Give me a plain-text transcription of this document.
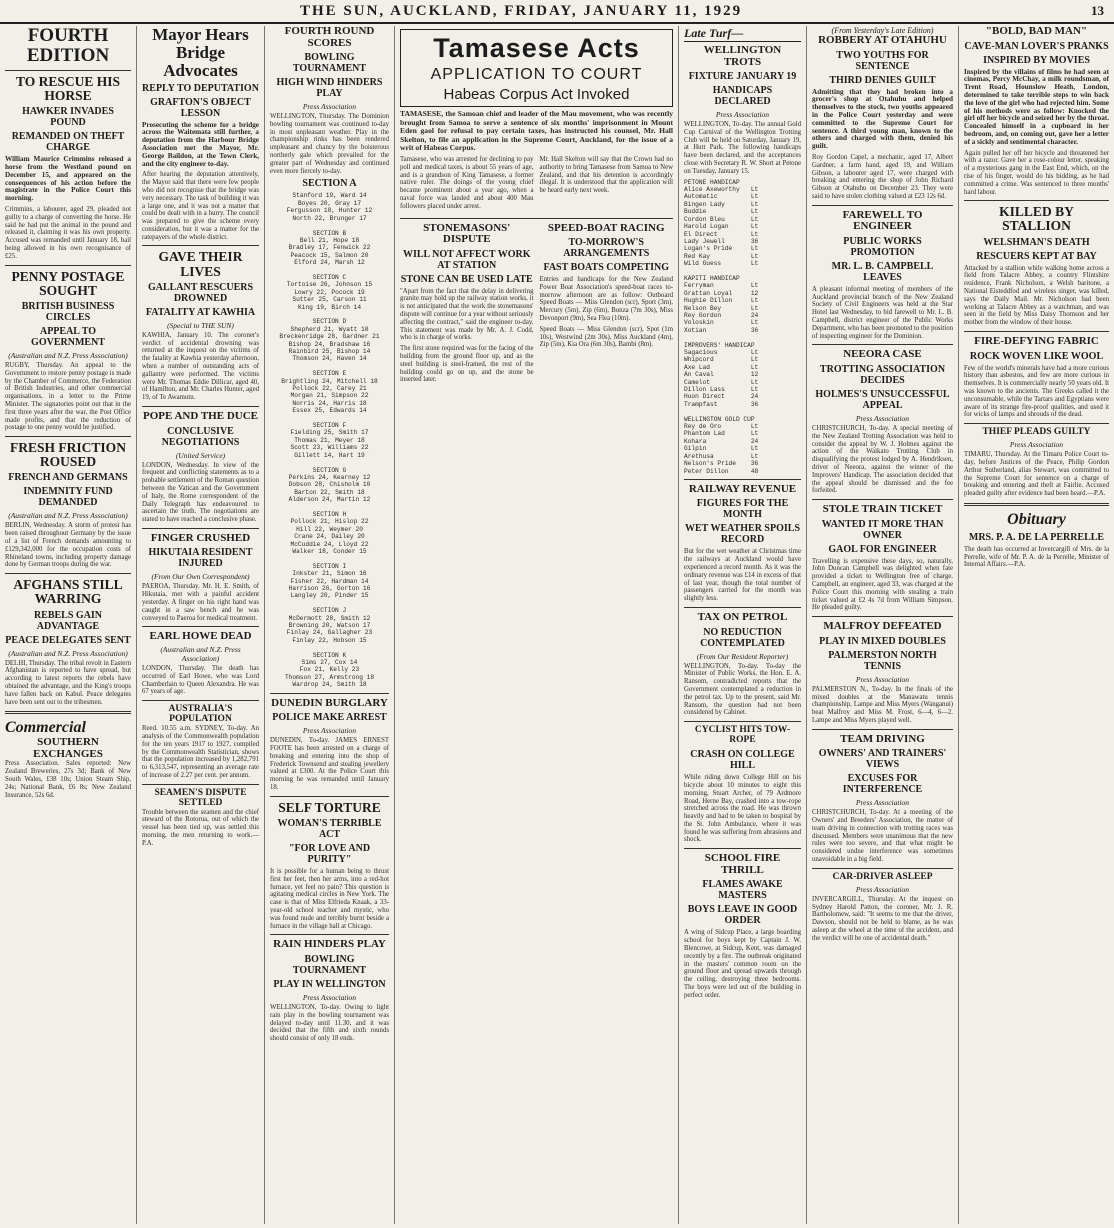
THE SUN, AUCKLAND, FRIDAY, JANUARY 11, 1929	13
FOURTH EDITION
TO RESCUE HIS HORSE
HAWKER INVADES POUND
REMANDED ON THEFT CHARGE

William Maurice Crimmins released a horse from the Westland pound on December 15, and appeared on the consequences of his action before the magistrate in the Police Court this morning.

Crimmins, a labourer, aged 29, pleaded not guilty to a charge of converting the horse. He said he had put the animal in the pound and released it, claiming it was his own property. Accused was remanded until January 18, bail being allowed in his own recognisance of £25.

PENNY POSTAGE SOUGHT
BRITISH BUSINESS CIRCLES
APPEAL TO GOVERNMENT
(Australian and N.Z. Press Association)

RUGBY, Thursday. An appeal to the Government to restore penny postage is made by the Chamber of Commerce, the Federation of British Industries, and other commercial organisations, in a letter to the Prime Minister. The signatories point out that in the first three years after the war, the Post Office made profits, and that the reduction of postage to one penny would be justified.

FRESH FRICTION ROUSED
FRENCH AND GERMANS
INDEMNITY FUND DEMANDED
(Australian and N.Z. Press Association)

BERLIN, Wednesday. A storm of protest has been raised throughout Germany by the issue of a list of French demands amounting to £129,342,000 for the occupation costs of Rhineland towns, including property damage done by German troops during the war.

AFGHANS STILL WARRING
REBELS GAIN ADVANTAGE
PEACE DELEGATES SENT
(Australian and N.Z. Press Association)

DELHI, Thursday. The tribal revolt in Eastern Afghanistan is reported to have spread, but according to latest reports the rebels have obtained the advantage, and the King's troops have fallen back on Kabul. Peace delegates have been sent out to the tribesmen.

Commercial
SOUTHERN EXCHANGES

Press Association. Sales reported: New Zealand Breweries, 27s 3d; Bank of New South Wales, £38 10s; Union Steam Ship, 24s; National Bank, £6 8s; New Zealand Insurance, 52s 6d.

Mayor Hears Bridge Advocates
REPLY TO DEPUTATION
GRAFTON'S OBJECT LESSON

Prosecuting the scheme for a bridge across the Waitemata still further, a deputation from the Harbour Bridge Association met the Mayor, Mr. George Baildon, at the Town Clerk, and the city engineer to-day.

After hearing the deputation attentively, the Mayor said that there were few people who did not recognise that the bridge was very necessary. The task of building it was a large one, and it was not a matter that could be dealt with in a hurry. The council was prepared to give the scheme every consideration, but it was a matter for the ratepayers of the whole district.

GAVE THEIR LIVES
GALLANT RESCUERS DROWNED
FATALITY AT KAWHIA
(Special to THE SUN)

KAWHIA, January 10. The coroner's verdict of accidental drowning was returned at the inquest on the victims of the fatality at Kawhia yesterday afternoon, when a number of outstanding acts of gallantry were performed. The victims were Mr. Thomas Eddie Dillicar, aged 40, of Hamilton, and Mr. Charles Hunter, aged 19, of Te Awamutu.

POPE AND THE DUCE
CONCLUSIVE NEGOTIATIONS
(United Service)

LONDON, Wednesday. In view of the frequent and conflicting statements as to a probable settlement of the Roman question between the Vatican and the Government of Italy, the Rome correspondent of the Daily Telegraph has endeavoured to ascertain the truth. The negotiations are stated to have reached a conclusive phase.

FINGER CRUSHED
HIKUTAIA RESIDENT INJURED
(From Our Own Correspondent)

PAEROA, Thursday. Mr. H. E. Smith, of Hikutaia, met with a painful accident yesterday. A finger on his right hand was caught in a saw bench and he was conveyed to Paeroa for medical treatment.

EARL HOWE DEAD
(Australian and N.Z. Press Association)

LONDON, Thursday. The death has occurred of Earl Howe, who was Lord Chamberlain to Queen Alexandra. He was 67 years of age.

AUSTRALIA'S POPULATION

Reed. 10.55 a.m. SYDNEY, To-day. An analysis of the Commonwealth population for the ten years 1917 to 1927, compiled by the Commonwealth Statistician, shows that the population increased by 1,282,791 to 6,313,547, representing an average rate of increase of 2.27 per cent. per annum.

SEAMEN'S DISPUTE SETTLED

Trouble between the seamen and the chief steward of the Rotorua, out of which the vessel has been tied up, was settled this morning, the men returning to work.—P.A.

FOURTH ROUND SCORES
BOWLING TOURNAMENT
HIGH WIND HINDERS PLAY
Press Association

WELLINGTON, Thursday. The Dominion bowling tournament was continued to-day in most unpleasant weather. Play in the championship rinks has been rendered unpleasant and chancy by the boisterous northerly gale which prevailed for the greater part of Wednesday and continued even more fiercely to-day.

SECTION A
Stanford 19, Ward 14
Boyes 20, Gray 17
Fergusson 18, Hunter 12
North 22, Brunger 17

SECTION B
Bell 21, Hope 18
Bradley 17, Fenwick 22
Peacock 15, Salmon 20
Elford 24, Marsh 12

SECTION C
Tortoise 26, Johnson 15
Lowry 22, Pocock 19
Sutter 25, Carson 11
King 19, Birch 14

SECTION D
Shepherd 21, Wyatt 10
Breckenridge 28, Gardner 21
Bishop 24, Bradshaw 16
Rainbird 25, Bishop 14
Thomson 24, Haven 14

SECTION E
Brightling 24, Mitchell 18
Pollock 22, Carey 21
Morgan 21, Simpson 22
Norris 24, Harris 18
Essex 25, Edwards 14

SECTION F
Fielding 25, Smith 17
Thomas 21, Meyer 18
Scott 23, Williams 22
Gillett 14, Hart 19

SECTION G
Perkins 24, Kearney 12
Dobson 28, Chisholm 10
Barton 22, Smith 18
Alderson 24, Martin 12

SECTION H
Pollock 21, Hislop 22
Hill 22, Weymer 20
Crane 24, Dailey 20
McCuddie 24, Lloyd 22
Walker 18, Conder 15

SECTION I
Inkster 21, Simon 16
Fisher 22, Hardman 14
Harrison 26, Gorton 16
Langley 20, Pinder 15

SECTION J
McDermott 28, Smith 12
Browning 20, Watson 17
Finlay 24, Gallagher 23
Finlay 22, Hobson 15

SECTION K
Sims 27, Cox 14
Fox 21, Kelly 23
Thomson 27, Armstrong 18
Wardrop 24, Smith 18
DUNEDIN BURGLARY
POLICE MAKE ARREST
Press Association

DUNEDIN, To-day. JAMES ERNEST FOOTE has been arrested on a charge of breaking and entering into the shop of Frederick Townsend and stealing jewellery valued at £300. At the Police Court this morning he was remanded until January 18.

SELF TORTURE
WOMAN'S TERRIBLE ACT
"FOR LOVE AND PURITY"

It is possible for a human being to thrust first her feet, then her arms, into a red-hot furnace, yet feel no pain? This question is agitating medical circles in New York. The case is that of Miss Elfrieda Knaak, a 33-year-old school teacher and mystic, who was found nude and terribly burnt beside a furnace in the village hall at Chicago.

RAIN HINDERS PLAY
BOWLING TOURNAMENT
PLAY IN WELLINGTON
Press Association

WELLINGTON, To-day. Owing to light rain play in the bowling tournament was delayed to-day until 11.30, and it was decided that the fifth and sixth rounds should consist of only 18 ends.

Tamasese Acts
APPLICATION TO COURT
Habeas Corpus Act Invoked

TAMASESE, the Samoan chief and leader of the Mau movement, who was recently brought from Samoa to serve a sentence of six months' imprisonment in Mount Eden gaol for refusal to pay certain taxes, has instructed his counsel, Mr. Hall Skelton, to file an application in the Supreme Court, Auckland, for the issue of a writ of Habeas Corpus.

Tamasese, who was arrested for declining to pay poll and medical taxes, is about 55 years of age, and is a grandson of King Tamasese, a former native ruler. The doings of the young chief became prominent about a year ago, when a naval force was landed and about 400 Mau followers placed under arrest.

Mr. Hall Skelton will say that the Crown had no authority to bring Tamasese from Samoa to New Zealand, and that his detention is accordingly illegal. It is understood that the application will be heard early next week.

STONEMASONS' DISPUTE
WILL NOT AFFECT WORK AT STATION
STONE CAN BE USED LATE

"Apart from the fact that the delay in delivering granite may hold up the railway station works, it is not anticipated that the work the stonemasons' dispute will continue for a year without seriously affecting the contract," said the engineer to-day. This statement was made by Mr. A. J. Codd, who is in charge of works.

The first stone required was for the facing of the building from the ground floor up, and as the steel building is steel-framed, the rest of the building could go on up, and the stone be inserted later.

SPEED-BOAT RACING
TO-MORROW'S ARRANGEMENTS
FAST BOATS COMPETING

Entries and handicaps for the New Zealand Power Boat Association's speed-boat races to-morrow afternoon are as follow: Outboard Speed Boats — Miss Glendon (scr), Sport (3m), Mercury (5m), Zip (6m), Bonza (7m 30s), Miss Devonport (9m), Sea Flea (10m).

Speed Boats — Miss Glendon (scr), Spot (1m 10s), Westwind (2m 30s), Miss Auckland (4m), Zip (5m), Kia Ora (6m 30s), Bambi (8m).

Late Turf—
WELLINGTON TROTS
FIXTURE JANUARY 19
HANDICAPS DECLARED
Press Association

WELLINGTON, To-day. The annual Gold Cup Carnival of the Wellington Trotting Club will be held on Saturday, January 19, at Hutt Park. The following handicaps have been declared, and the acceptances close with Secretary R. W. Short at Petone on Tuesday, January 15.

PETONE HANDICAP
Alice Axeworthy   Lt
Automatic         Lt
Bingen Lady       Lt
Buddie            Lt
Cordon Bleu       Lt
Harold Logan      Lt
El Direct         Lt
Lady Jewell       36
Logan's Pride     Lt
Red Kay           Lt
Wild Guess        Lt

KAPITI HANDICAP
Ferryman          Lt
Grattan Loyal     12
Hughie Dillon     Lt
Nelson Bey        Lt
Rey Gordon        24
Voloskin          Lt
Xotian            36

IMPROVERS' HANDICAP
Sagacious         Lt
Whipcord          Lt
Axe Lad           Lt
An Caval          12
Camelot           Lt
Dillon Lass       Lt
Huon Direct       24
Trampfast         36

WELLINGTON GOLD CUP
Rey de Oro        Lt
Phantom Lad       Lt
Kohara            24
Gilpin            Lt
Arethusa          Lt
Nelson's Pride    36
Peter Dillon      48
RAILWAY REVENUE
FIGURES FOR THE MONTH
WET WEATHER SPOILS RECORD

But for the wet weather at Christmas time the railways at Auckland would have experienced a record month. As it was the ordinary revenue was £14 in excess of that of last year, though the total number of passengers carried for the month was slightly less.

TAX ON PETROL
NO REDUCTION CONTEMPLATED
(From Our Resident Reporter)

WELLINGTON, To-day. To-day the Minister of Public Works, the Hon. E. A. Ransom, contradicted reports that the Government contemplated a reduction in the petrol tax. Up to the present, said Mr. Ransom, the question had not been considered by Cabinet.

CYCLIST HITS TOW-ROPE
CRASH ON COLLEGE HILL

While riding down College Hill on his bicycle about 10 minutes to eight this morning, Stuart Archer, of 79 Ardmore Road, Herne Bay, crashed into a tow-rope stretched across the road. He was thrown heavily and had to be taken to hospital by the St. John Ambulance, where it was found he was suffering from abrasions and shock.

SCHOOL FIRE THRILL
FLAMES AWAKE MASTERS
BOYS LEAVE IN GOOD ORDER

A wing of Sidcup Place, a large boarding school for boys kept by Captain J. W. Blencowe, at Sidcup, Kent, was damaged recently by a fire. The outbreak originated in the masters' common room on the ground floor and spread upwards through the ceiling, destroying three bedrooms. The boys were led out of the building in perfect order.

(From Yesterday's Late Edition)
ROBBERY AT OTAHUHU
TWO YOUTHS FOR SENTENCE
THIRD DENIES GUILT

Admitting that they had broken into a grocer's shop at Otahuhu and helped themselves to the stock, two youths appeared in the Police Court yesterday and were committed to the Supreme Court for sentence. A third young man, known to the others and charged with them, denied his guilt.

Roy Gordon Capel, a mechanic, aged 17, Albert Gardner, a farm hand, aged 19, and William Gibson, a labourer aged 17, were charged with breaking and entering the shop of John Richard Gibson at Otahuhu on December 23. They were said to have stolen clothing valued at £23 12s 6d.

FAREWELL TO ENGINEER
PUBLIC WORKS PROMOTION
MR. L. B. CAMPBELL LEAVES

A pleasant informal meeting of members of the Auckland provincial branch of the New Zealand Society of Civil Engineers was held at the Star Hotel last Wednesday, to bid farewell to Mr. L. B. Campbell, district engineer of the Public Works Department, who has been promoted to the position of inspecting engineer for the Dominion.

NEEORA CASE
TROTTING ASSOCIATION DECIDES
HOLMES'S UNSUCCESSFUL APPEAL
Press Association

CHRISTCHURCH, To-day. A special meeting of the New Zealand Trotting Association was held to consider the appeal by W. J. Holmes against the action of the Waikato Trotting Club in disqualifying the protest lodged by A. Hendriksen, driver of Neeora, against the winner of the Improvers' Handicap. The association decided that the appeal should be dismissed and the fee forfeited.

STOLE TRAIN TICKET
WANTED IT MORE THAN OWNER
GAOL FOR ENGINEER

Travelling is expensive these days, so, naturally, John Duncan Campbell was delighted when fate provided a ticket to Wellington free of charge. Campbell, an engineer, aged 33, was charged at the Police Court this morning with stealing a train ticket valued at £2 4s 7d from William Simpson. He pleaded guilty.

MALFROY DEFEATED
PLAY IN MIXED DOUBLES
PALMERSTON NORTH TENNIS
Press Association

PALMERSTON N., To-day. In the finals of the mixed doubles at the Manawatu tennis championship, Lampe and Miss Myers (Wanganui) beat Malfroy and Miss M. Frost, 6—4, 6—2. Lampe and Miss Myers played well.

TEAM DRIVING
OWNERS' AND TRAINERS' VIEWS
EXCUSES FOR INTERFERENCE
Press Association

CHRISTCHURCH, To-day. At a meeting of the Owners' and Breeders' Association, the matter of team driving in connection with trotting races was discussed. Members were unanimous that the new rules were too severe, and that what might be considered undue interference was sometimes unavoidable in a big field.

CAR-DRIVER ASLEEP
Press Association

INVERCARGILL, Thursday. At the inquest on Sydney Harold Patton, the coroner, Mr. J. R. Bartholomew, said: "It seems to me that the driver, Dawson, should not be held to blame, as he was asleep at the wheel at the time of the accident, and the verdict will be one of accidental death."

"BOLD, BAD MAN"
CAVE-MAN LOVER'S PRANKS
INSPIRED BY MOVIES

Inspired by the villains of films he had seen at cinemas, Percy McChay, a milk roundsman, of Trent Road, Hounslow Heath, London, determined to take terrible steps to win back the love of the girl who had rejected him. Some of his methods were as follow: Knocked the girl off her bicycle and seized her by the throat. Concealed himself in a cupboard in her bedroom, and, on coming out, gave her a letter of a sickly and sentimental character.

Again pulled her off her bicycle and threatened her with a razor. Gave her a rose-colour letter, speaking of a mysterious gang in the East End, which, on the rise of his finger, would do his bidding, as he had committed a crime. Was sentenced to three months' hard labour.

KILLED BY STALLION
WELSHMAN'S DEATH
RESCUERS KEPT AT BAY

Attacked by a stallion while walking home across a field from Talacre Abbey, a country Flintshire residence, Frank Nicholson, a Welsh baritone, a National Eisteddfod and wireless singer, was killed, says the Daily Mail. Mr. Nicholson had been working at Talacre Abbey as a watchman, and was seen in the field by Miss Daisy Thomson and her mother from the window of their house.

FIRE-DEFYING FABRIC
ROCK WOVEN LIKE WOOL

Few of the world's minerals have had a more curious history than asbestos, and few are more curious in themselves. It is commercially nearly 50 years old. It was known to the ancients. The Greeks called it the unconsumable, while the Tartars and Egyptians were aware of its strange fire-proof qualities, and used it for wicks of lamps and shrouds of the dead.

THIEF PLEADS GUILTY
Press Association

TIMARU, Thursday. At the Timaru Police Court to-day, before Justices of the Peace, Philip Gordon Arthur Sutherland, alias Stewart, was committed to the Supreme Court for sentence on a charge of breaking and entering and theft at Fairlie. Accused pleaded guilty after evidence had been heard.—P.A.

Obituary
MRS. P. A. DE LA PERRELLE

The death has occurred at Invercargill of Mrs. de la Perrelle, wife of Mr. P. A. de la Perrelle, Minister of Internal Affairs.—P.A.
